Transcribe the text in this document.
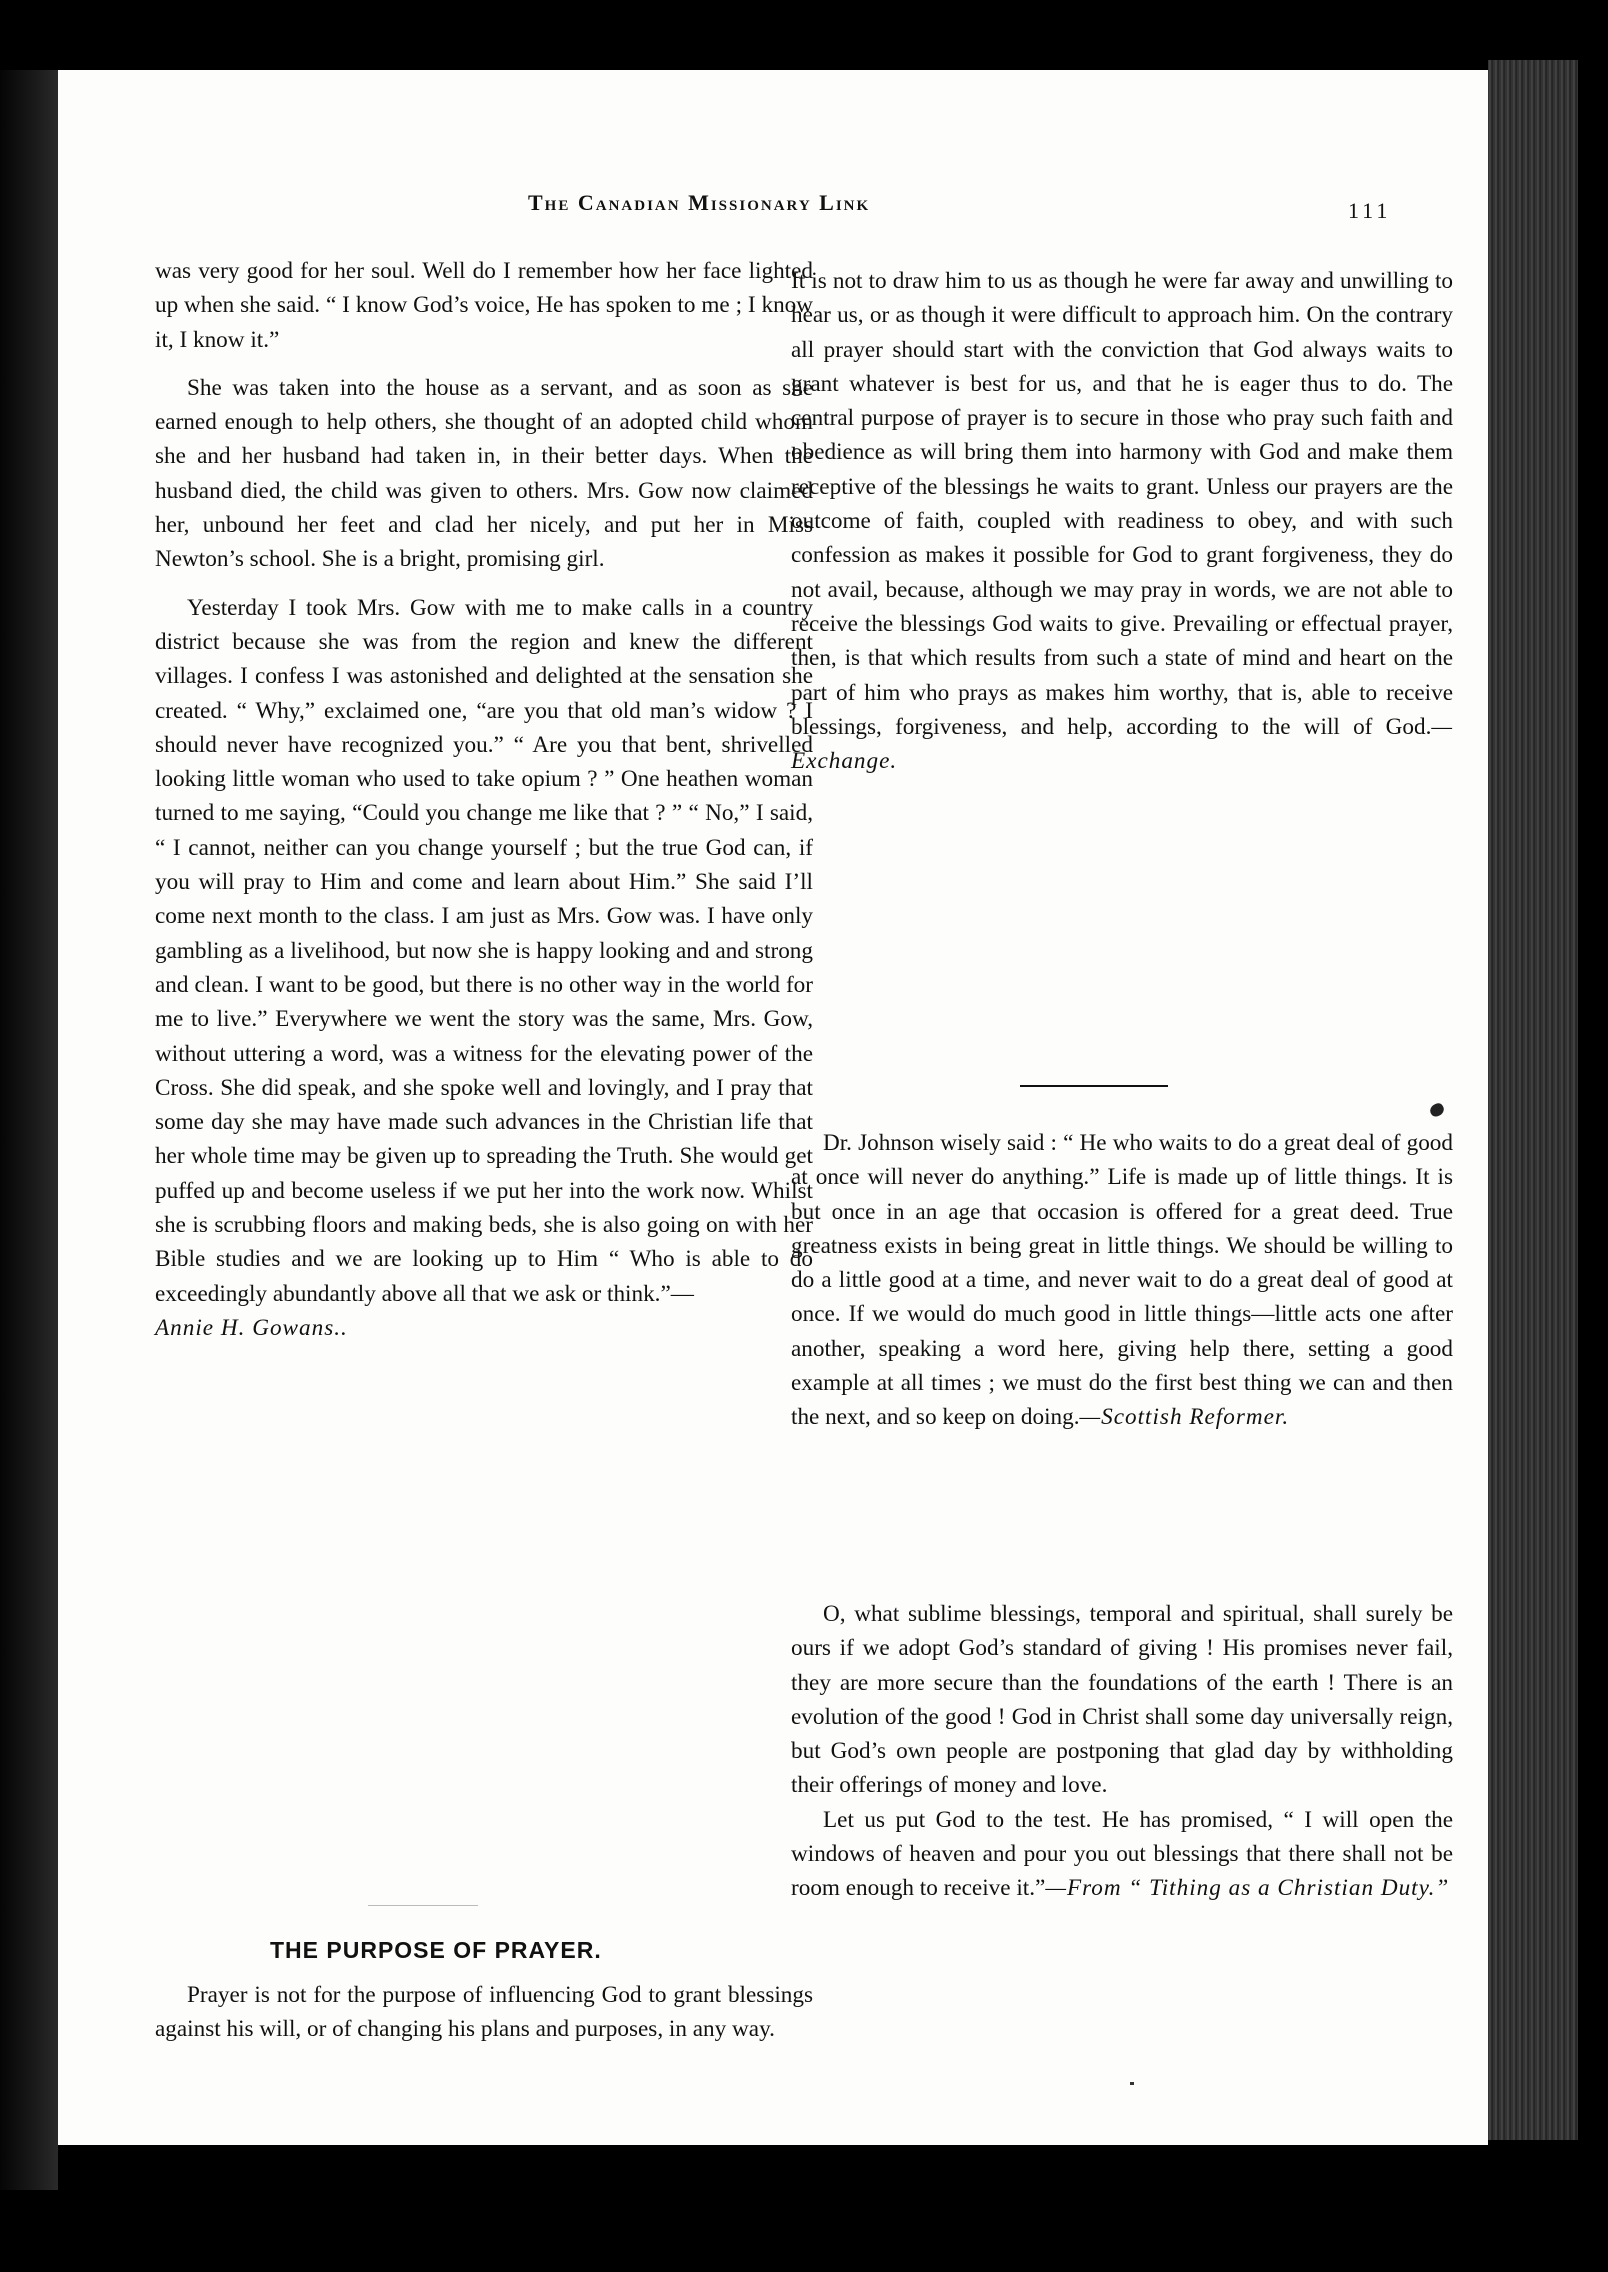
The Canadian Missionary Link	111

was very good for her soul. Well do I remember how her face lighted up when she said. “ I know God’s voice, He has spoken to me ; I know it, I know it.”

She was taken into the house as a servant, and as soon as she earned enough to help others, she thought of an adopted child whom she and her husband had taken in, in their better days. When the husband died, the child was given to others. Mrs. Gow now claimed her, unbound her feet and clad her nicely, and put her in Miss Newton’s school. She is a bright, promising girl.

Yesterday I took Mrs. Gow with me to make calls in a country district because she was from the region and knew the different villages. I confess I was astonished and delighted at the sensation she created. “ Why,” exclaimed one, “are you that old man’s widow ? I should never have recognized you.” “ Are you that bent, shrivelled looking little woman who used to take opium ? ” One heathen woman turned to me saying, “Could you change me like that ? ” “ No,” I said, “ I cannot, neither can you change yourself ; but the true God can, if you will pray to Him and come and learn about Him.” She said I’ll come next month to the class. I am just as Mrs. Gow was. I have only gambling as a livelihood, but now she is happy looking and and strong and clean. I want to be good, but there is no other way in the world for me to live.” Everywhere we went the story was the same, Mrs. Gow, without uttering a word, was a witness for the elevating power of the Cross. She did speak, and she spoke well and lovingly, and I pray that some day she may have made such advances in the Christian life that her whole time may be given up to spreading the Truth. She would get puffed up and become useless if we put her into the work now. Whilst she is scrubbing floors and making beds, she is also going on with her Bible studies and we are looking up to Him “ Who is able to do exceedingly abundantly above all that we ask or think.”—

Annie H. Gowans..

THE PURPOSE OF PRAYER.

Prayer is not for the purpose of influencing God to grant blessings against his will, or of changing his plans and purposes, in any way.

It is not to draw him to us as though he were far away and unwilling to hear us, or as though it were difficult to approach him. On the contrary all prayer should start with the conviction that God always waits to grant whatever is best for us, and that he is eager thus to do. The central purpose of prayer is to secure in those who pray such faith and obedience as will bring them into harmony with God and make them receptive of the blessings he waits to grant. Unless our prayers are the outcome of faith, coupled with readiness to obey, and with such confession as makes it possible for God to grant forgiveness, they do not avail, because, although we may pray in words, we are not able to receive the blessings God waits to give. Prevailing or effectual prayer, then, is that which results from such a state of mind and heart on the part of him who prays as makes him worthy, that is, able to receive blessings, forgiveness, and help, according to the will of God.—Exchange.

Dr. Johnson wisely said : “ He who waits to do a great deal of good at once will never do anything.” Life is made up of little things. It is but once in an age that occasion is offered for a great deed. True greatness exists in being great in little things. We should be willing to do a little good at a time, and never wait to do a great deal of good at once. If we would do much good in little things—little acts one after another, speaking a word here, giving help there, setting a good example at all times ; we must do the first best thing we can and then the next, and so keep on doing.—Scottish Reformer.

O, what sublime blessings, temporal and spiritual, shall surely be ours if we adopt God’s standard of giving ! His promises never fail, they are more secure than the foundations of the earth ! There is an evolution of the good ! God in Christ shall some day universally reign, but God’s own people are postponing that glad day by withholding their offerings of money and love.

Let us put God to the test. He has promised, “ I will open the windows of heaven and pour you out blessings that there shall not be room enough to receive it.”—From “ Tithing as a Christian Duty.”
